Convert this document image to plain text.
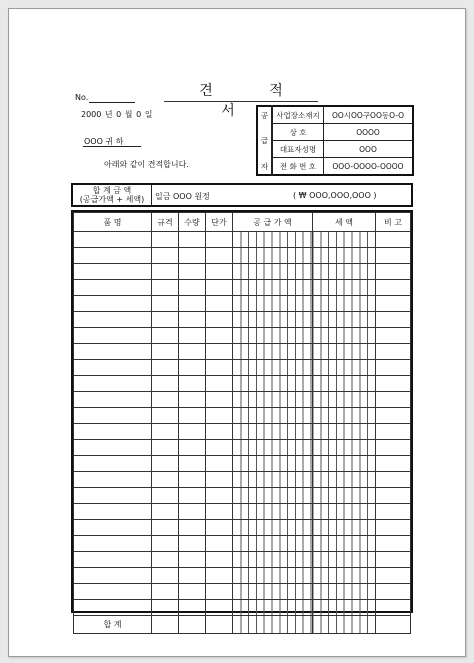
견 적 서
No.
2000 년 0 월 0 일
OOO 귀 하
아래와 같이 견적합니다.
공
급
자	사업장소재지	OO시OO구OO동O-O
	상 호	OOOO
	대표자성명	OOO
	전 화 번 호	OOO-OOOO-OOOO
합 계 금 액
(공급가액 + 세액)	일금 OOO 원정	( ₩ OOO,OOO,OOO )
품 명	규격	수량	단가	공 급 가 액	세 액	비 고

합 계						
